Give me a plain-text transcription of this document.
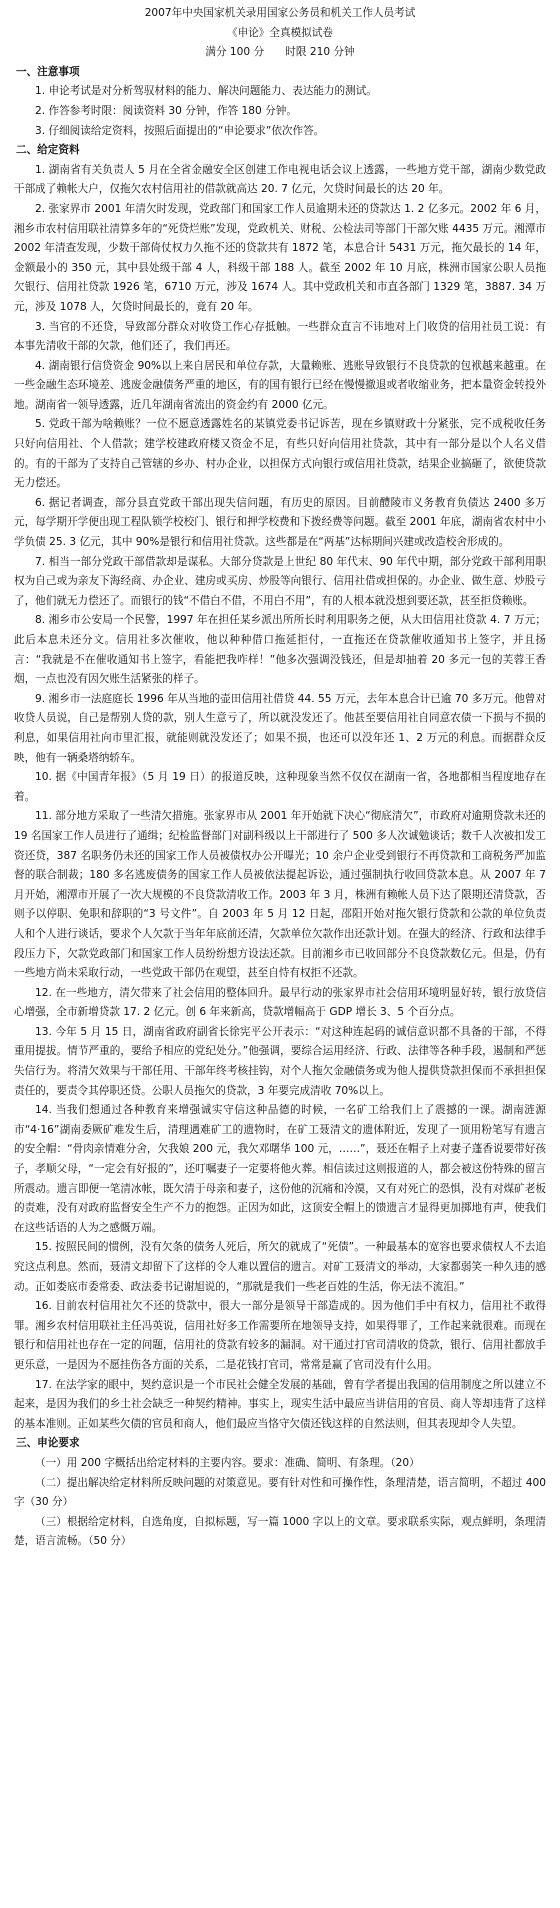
2007年中央国家机关录用国家公务员和机关工作人员考试
《申论》全真模拟试卷
满分 100 分　　时限 210 分钟
一、注意事项
1. 申论考试是对分析驾驭材料的能力、解决问题能力、表达能力的测试。
2. 作答参考时限：阅读资料 30 分钟，作答 180 分钟。
3. 仔细阅读给定资料，按照后面提出的“申论要求”依次作答。
二、给定资料

1. 湖南省有关负责人 5 月在全省金融安全区创建工作电视电话会议上透露，一些地方党干部，湖南少数党政干部成了赖帐大户，仅拖欠农村信用社的借款就高达 20. 7 亿元，欠贷时间最长的达 20 年。

2. 张家界市 2001 年清欠时发现，党政部门和国家工作人员逾期未还的贷款达 1. 2 亿多元。2002 年 6 月，湘乡市农村信用联社清算多年的“死贷烂账”发现，党政机关、财税、公检法司等部门干部欠账 4435 万元。湘潭市 2002 年清查发现，少数干部倚仗权力久拖不还的贷款共有 1872 笔，本息合计 5431 万元，拖欠最长的 14 年，金额最小的 350 元，其中县处级干部 4 人，科级干部 188 人。截至 2002 年 10 月底，株洲市国家公职人员拖欠银行、信用社贷款 1926 笔，6710 万元，涉及 1674 人。其中党政机关和市直各部门 1329 笔，3887. 34 万元，涉及 1078 人，欠贷时间最长的，竟有 20 年。

3. 当官的不还贷，导致部分群众对收贷工作心存抵触。一些群众直言不讳地对上门收贷的信用社员工说：有本事先清收干部的欠款，他们还了，我们再还。

4. 湖南银行信贷资金 90%以上来自居民和单位存款，大量赖账、逃账导致银行不良贷款的包袱越来越重。在一些金融生态环境差、逃废金融债务严重的地区，有的国有银行已经在慢慢撤退或者收缩业务，把本量资金转投外地。湖南省一领导透露，近几年湖南省流出的资金约有 2000 亿元。

5. 党政干部为啥赖账？一位不愿意透露姓名的某镇党委书记诉苦，现在乡镇财政十分紧张，完不成税收任务只好向信用社、个人借款；建学校建政府楼又资金不足，有些只好向信用社贷款，其中有一部分是以个人名义借的。有的干部为了支持自己管辖的乡办、村办企业，以担保方式向银行或信用社贷款，结果企业搞砸了，欲使贷款无力偿还。

6. 据记者调查，部分县直党政干部出现失信问题，有历史的原因。目前醴陵市义务教育负债达 2400 多万元，每学期开学便出现工程队锁学校校门、银行和押学校费和下拨经费等问题。截至 2001 年底，湖南省农村中小学负债 25. 3 亿元，其中 90%是银行和信用社贷款。这些都是在“两基”达标期间兴建或改造校舍形成的。

7. 相当一部分党政干部借款却是谋私。大部分贷款是上世纪 80 年代末、90 年代中期，部分党政干部利用职权为自己或为亲友下海经商、办企业、建房或买房、炒股等向银行、信用社借或担保的。办企业、做生意、炒股亏了，他们就无力偿还了。而银行的钱“不借白不借，不用白不用”，有的人根本就没想到要还款，甚至拒贷赖账。

8. 湘乡市公安局一个民警，1997 年在担任某乡派出所所长时利用职务之便，从大田信用社贷款 4. 7 万元；此后本息未还分文。信用社多次催收，他以种种借口拖延拒付，一直拖还在贷款催收通知书上签字，并且扬言：“我就是不在催收通知书上签字，看能把我咋样！”他多次强调没钱还，但是却抽着 20 多元一包的芙蓉王香烟，一点也没有因欠账生活紧张的样子。

9. 湘乡市一法庭庭长 1996 年从当地的壶田信用社借贷 44. 55 万元，去年本息合计已逾 70 多万元。他曾对收贷人员说，自己是帮别人贷的款，别人生意亏了，所以就没发还了。他甚至要信用社自同意农债一下损与不损的利息，如果信用社向市里汇报，就能则就没发还了；如果不损，也还可以没年还 1、2 万元的利息。而据群众反映，他有一辆桑塔纳轿车。

10. 据《中国青年报》（5 月 19 日）的报道反映，这种现象当然不仅仅在湖南一省，各地都相当程度地存在着。

11. 部分地方采取了一些清欠措施。张家界市从 2001 年开始就下决心“彻底清欠”，市政府对逾期贷款未还的 19 名国家工作人员进行了通缉；纪检监督部门对副科级以上干部进行了 500 多人次诚勉谈话；数千人次被扣发工资还贷，387 名职务仍未还的国家工作人员被债权办公开曝光；10 余户企业受到银行不再贷款和工商税务严加监督的联合制裁；180 多名逃废债务的国家工作人员被依法提起诉讼，通过强制执行收回贷款本息。从 2007 年 7 月开始，湘潭市开展了一次大规模的不良贷款清收工作。2003 年 3 月，株洲有赖帐人员下达了限期还清贷款，否则予以停职、免职和辞职的“3 号文件”。自 2003 年 5 月 12 日起，邵阳开始对拖欠银行贷款和公款的单位负责人和个人进行谈话，要求个人欠款于当年年底前还清，欠款单位欠款作出还款计划。在强大的经济、行政和法律手段压力下，欠款党政部门和国家工作人员纷纷想方设法还款。目前湘乡市已收回部分不良贷款数亿元。但是，仍有一些地方尚未采取行动，一些党政干部仍在观望，甚至自恃有权拒不还款。

12. 在一些地方，清欠带来了社会信用的整体回升。最早行动的张家界市社会信用环境明显好转，银行放贷信心增强，全市新增贷款 17. 2 亿元。创 6 年来新高，贷款增幅高于 GDP 增长 3、5 个百分点。

13. 今年 5 月 15 日，湖南省政府副省长徐宪平公开表示：“对这种连起码的诚信意识都不具备的干部，不得重用提拔。情节严重的，要给予相应的党纪处分。”他强调，要综合运用经济、行政、法律等各种手段，遏制和严惩失信行为。将清欠效果与干部任用、干部年终考核挂钩，对个人拖欠金融债务或为他人提供贷款担保而不承担担保责任的，要责令其停职还贷。公职人员拖欠的贷款，3 年要完成清收 70%以上。

14. 当我们想通过各种教育来增强诚实守信这种品德的时候，一名矿工给我们上了震撼的一课。湖南涟源市“4·16”湖南委厥矿难发生后，清理遇难矿工的遗物时，在矿工聂清文的遗体附近，发现了一顶用粉笔写有遗言的安全帽：“骨肉亲情难分舍，欠我娘 200 元，我欠邓曙华 100 元，……”，聂还在帽子上对妻子蓬香说要带好孩子，孝顺父母，“一定会有好报的”，还叮嘱妻子一定要将他火葬。相信读过这则报道的人，都会被这份特殊的留言所震动。遗言即便一笔清冰帐，既欠清于母亲和妻子，这份他的沉痛和冷漠，又有对死亡的恐惧，没有对煤矿老板的责难，没有对政府监督安全生产不力的抱怨。正因为如此，这顶安全帽上的馈遗言才显得更加掷地有声，使我们在这些话语的人为之感慨万端。

15. 按照民间的惯例，没有欠条的债务人死后，所欠的就成了“死债”。一种最基本的宽容也要求债权人不去追究这点利息。然而，聂清文却留下了这样的令人难以置信的遗言。对矿工聂清文的举动，大家都弱笑一种久违的感动。正如娄底市委常委、政法委书记谢旭说的，“那就是我们一些老百姓的生活，你无法不流泪。”

16. 目前农村信用社欠不还的贷款中，很大一部分是领导干部造成的。因为他们手中有权力，信用社不敢得罪。湘乡农村信用联社主任冯英说，信用社好多工作需要所在地领导支持，如果得罪了，工作起来就很难。而现在银行和信用社也存在一定的问题，信用社的贷款有较多的漏洞。对干通过打官司清收的贷款，银行、信用社都放手更乐意，一是因为不愿挂伤各方面的关系，二是花钱打官司，常常是赢了官司没有什么用。

17. 在法学家的眼中，契约意识是一个市民社会健全发展的基础，曾有学者提出我国的信用制度之所以建立不起来，是因为我们的乡土社会缺乏一种契约精神。事实上，现实生活中最应当讲信用的官员、商人等却违背了这样的基本准则。正如某些欠债的官员和商人，他们最应当恪守欠债还钱这样的自然法则，但其表现却令人失望。

三、申论要求

（一）用 200 字概括出给定材料的主要内容。要求：准确、简明、有条理。（20）

（二）提出解决给定材料所反映问题的对策意见。要有针对性和可操作性，条理清楚，语言简明，不超过 400 字（30 分）

（三）根据给定材料，自选角度，自拟标题，写一篇 1000 字以上的文章。要求联系实际，观点鲜明，条理清楚，语言流畅。（50 分）
